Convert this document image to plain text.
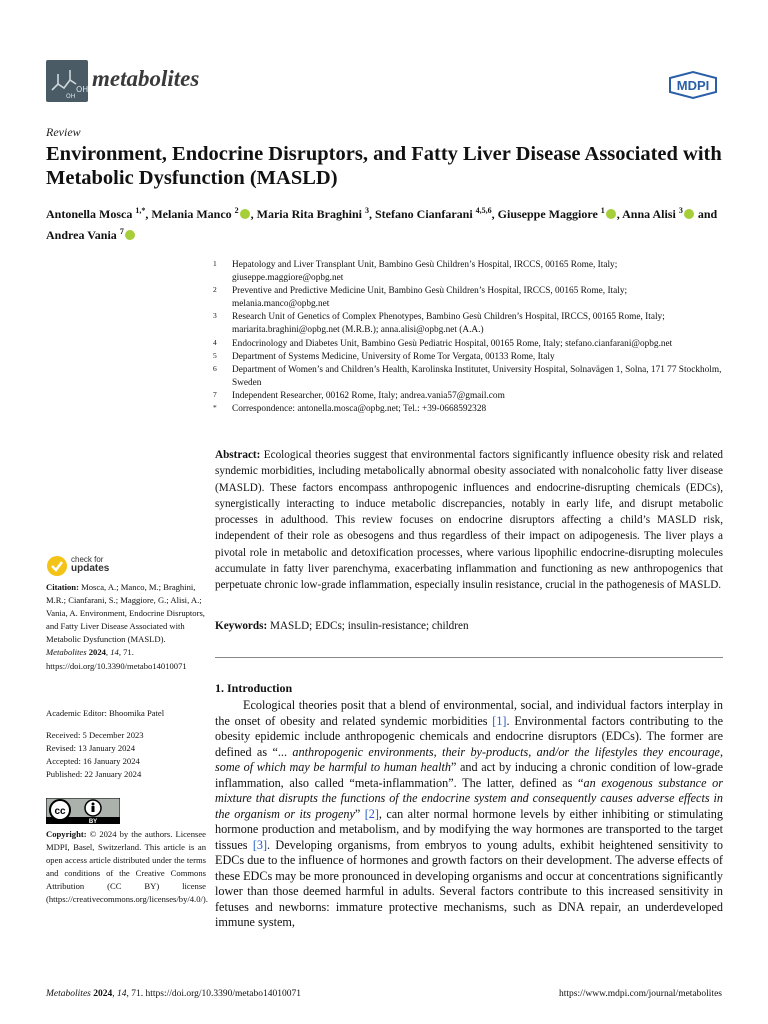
OH
OH
metabolites	MDPI
Review
Environment, Endocrine Disruptors, and Fatty Liver Disease Associated with Metabolic Dysfunction (MASLD)
Antonella Mosca $^{1,*}$, Melania Manco $^2$ , Maria Rita Braghini $^3$, Stefano Cianfarani $^{4,5,6}$, Giuseppe Maggiore $^1$ , Anna Alisi $^3$ and Andrea Vania $^7$
1 Hepatology and Liver Transplant Unit, Bambino Gesù Children’s Hospital, IRCCS, 00165 Rome, Italy; giuseppe.maggiore@opbg.net
2 Preventive and Predictive Medicine Unit, Bambino Gesù Children’s Hospital, IRCCS, 00165 Rome, Italy; melania.manco@opbg.net
3 Research Unit of Genetics of Complex Phenotypes, Bambino Gesù Children’s Hospital, IRCCS, 00165 Rome, Italy; mariarita.braghini@opbg.net (M.R.B.); anna.alisi@opbg.net (A.A.)
4 Endocrinology and Diabetes Unit, Bambino Gesù Pediatric Hospital, 00165 Rome, Italy; stefano.cianfarani@opbg.net
5 Department of Systems Medicine, University of Rome Tor Vergata, 00133 Rome, Italy
6 Department of Women’s and Children’s Health, Karolinska Institutet, University Hospital, Solnavägen 1, Solna, 171 77 Stockholm, Sweden
7 Independent Researcher, 00162 Rome, Italy; andrea.vania57@gmail.com
* Correspondence: antonella.mosca@opbg.net; Tel.: +39-0668592328
Abstract: Ecological theories suggest that environmental factors significantly influence obesity risk and related syndemic morbidities, including metabolically abnormal obesity associated with nonalcoholic fatty liver disease (MASLD). These factors encompass anthropogenic influences and endocrine-disrupting chemicals (EDCs), synergistically interacting to induce metabolic discrepancies, notably in early life, and disrupt metabolic processes in adulthood. This review focuses on endocrine disruptors affecting a child’s MASLD risk, independent of their role as obesogens and thus regardless of their impact on adipogenesis. The liver plays a pivotal role in metabolic and detoxification processes, where various lipophilic endocrine-disrupting molecules accumulate in fatty liver parenchyma, exacerbating inflammation and functioning as new anthropogenics that perpetuate chronic low-grade inflammation, especially insulin resistance, crucial in the pathogenesis of MASLD.
Keywords: MASLD; EDCs; insulin-resistance; children
check for
updates
Citation: Mosca, A.; Manco, M.; Braghini, M.R.; Cianfarani, S.; Maggiore, G.; Alisi, A.; Vania, A. Environment, Endocrine Disruptors, and Fatty Liver Disease Associated with Metabolic Dysfunction (MASLD). Metabolites 2024, 14, 71. https://doi.org/10.3390/metabo14010071
Academic Editor: Bhoomika Patel
Received: 5 December 2023
Revised: 13 January 2024
Accepted: 16 January 2024
Published: 22 January 2024
cc
BY
Copyright: © 2024 by the authors. Licensee MDPI, Basel, Switzerland. This article is an open access article distributed under the terms and conditions of the Creative Commons Attribution (CC BY) license (https://creativecommons.org/licenses/by/4.0/).
1. Introduction

Ecological theories posit that a blend of environmental, social, and individual factors interplay in the onset of obesity and related syndemic morbidities [1]. Environmental factors contributing to the obesity epidemic include anthropogenic chemicals and endocrine disruptors (EDCs). The former are defined as “... anthropogenic environments, their by-products, and/or the lifestyles they encourage, some of which may be harmful to human health” and act by inducing a chronic condition of low-grade inflammation, also called “meta-inflammation”. The latter, defined as “an exogenous substance or mixture that disrupts the functions of the endocrine system and consequently causes adverse effects in the organism or its progeny” [2], can alter normal hormone levels by either inhibiting or stimulating hormone production and metabolism, and by modifying the way hormones are transported to the target tissues [3]. Developing organisms, from embryos to young adults, exhibit heightened sensitivity to EDCs due to the influence of hormones and growth factors on their development. The adverse effects of these EDCs may be more pronounced in developing organisms and occur at concentrations significantly lower than those deemed harmful in adults. Several factors contribute to this increased sensitivity in fetuses and newborns: immature protective mechanisms, such as DNA repair, an underdeveloped immune system,

Metabolites 2024, 14, 71. https://doi.org/10.3390/metabo14010071	https://www.mdpi.com/journal/metabolites
